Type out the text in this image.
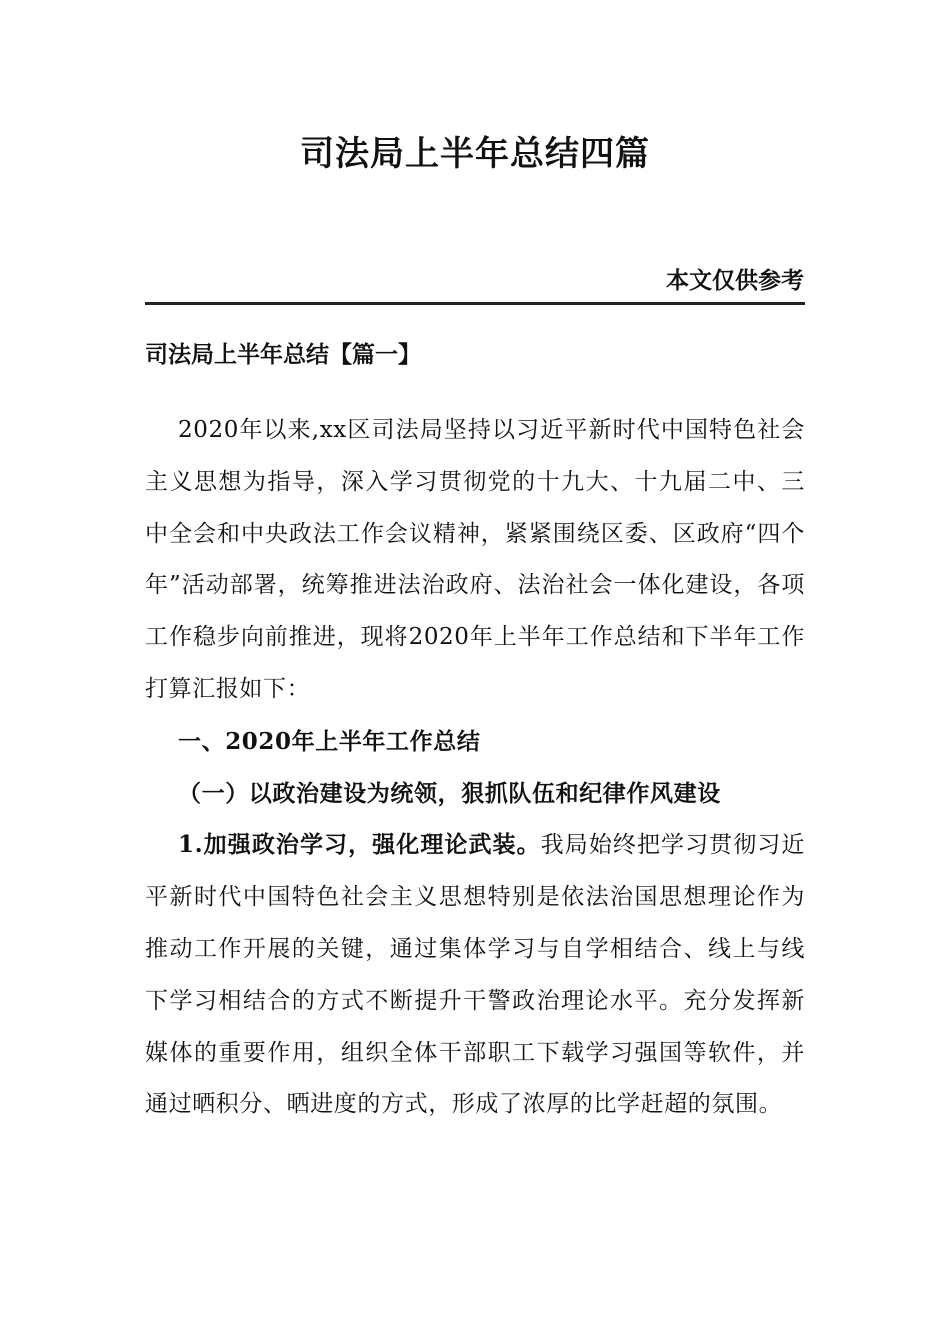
司法局上半年总结四篇
本文仅供参考
司法局上半年总结【篇一】

2020年以来,xx区司法局坚持以习近平新时代中国特色社会主义思想为指导，深入学习贯彻党的十九大、十九届二中、三中全会和中央政法工作会议精神，紧紧围绕区委、区政府“四个年”活动部署，统筹推进法治政府、法治社会一体化建设，各项工作稳步向前推进，现将2020年上半年工作总结和下半年工作打算汇报如下：

一、2020年上半年工作总结

（一）以政治建设为统领，狠抓队伍和纪律作风建设

1.加强政治学习，强化理论武装。我局始终把学习贯彻习近平新时代中国特色社会主义思想特别是依法治国思想理论作为推动工作开展的关键，通过集体学习与自学相结合、线上与线下学习相结合的方式不断提升干警政治理论水平。充分发挥新媒体的重要作用，组织全体干部职工下载学习强国等软件，并通过晒积分、晒进度的方式，形成了浓厚的比学赶超的氛围。
